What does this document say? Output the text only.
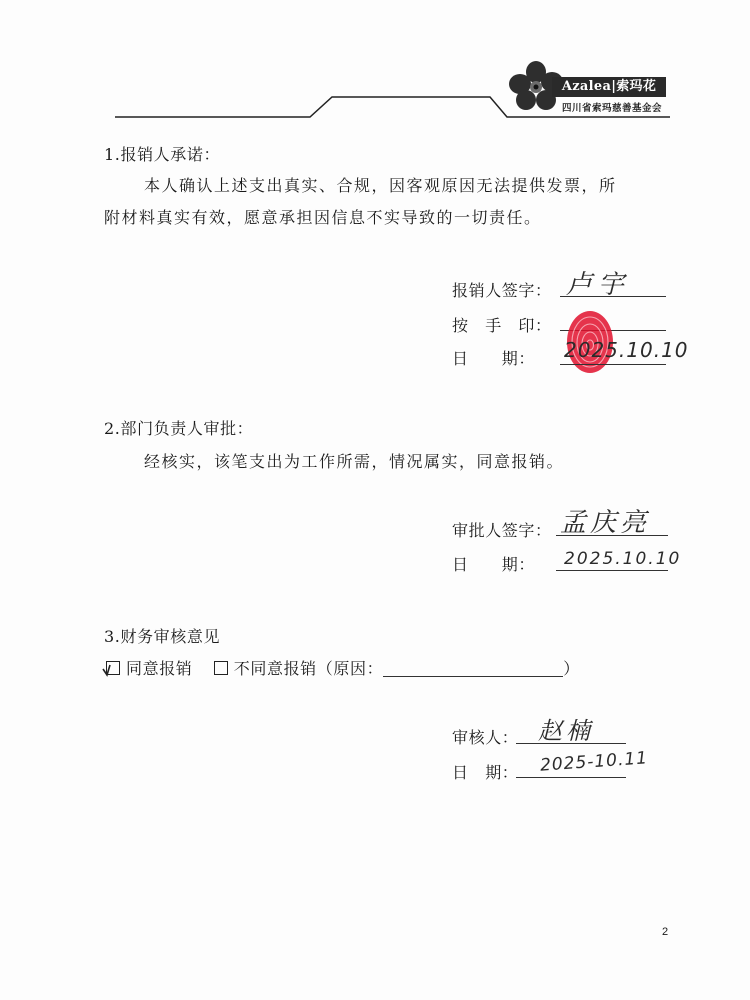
Azalea|索玛花
四川省索玛慈善基金会
1.报销人承诺：
本人确认上述支出真实、合规，因客观原因无法提供发票，所
附材料真实有效，愿意承担因信息不实导致的一切责任。
报销人签字： 卢宇
按　手　印：
日　　期： 2025.10.10
2.部门负责人审批：
经核实，该笔支出为工作所需，情况属实，同意报销。
审批人签字： 孟庆亮
日　　期： 2025.10.10
3.财务审核意见
同意报销	不同意报销（原因：	）
审核人： 赵楠
日　期： 2025-10.11
2
